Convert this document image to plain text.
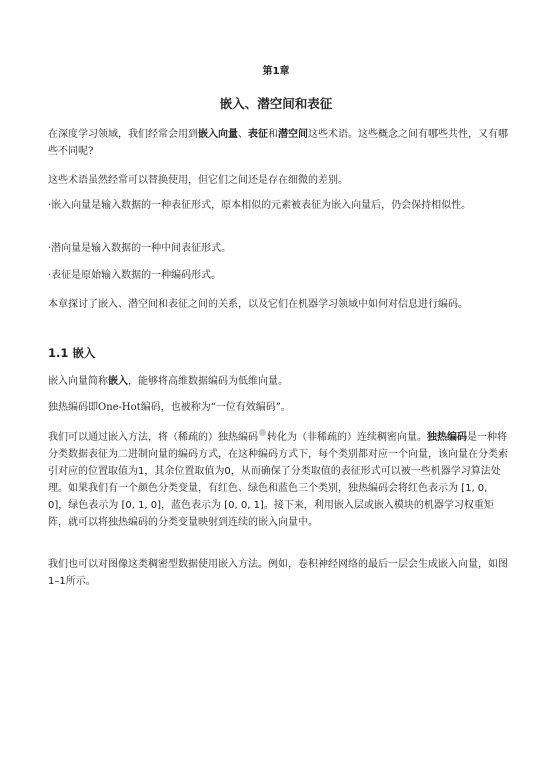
第1章
嵌入、潜空间和表征

在深度学习领域，我们经常会用到嵌入向量、表征和潜空间这些术语。这些概念之间有哪些共性，又有哪些不同呢?

这些术语虽然经常可以替换使用，但它们之间还是存在细微的差别。

·嵌入向量是输入数据的一种表征形式，原本相似的元素被表征为嵌入向量后，仍会保持相似性。

·潜向量是输入数据的一种中间表征形式。

·表征是原始输入数据的一种编码形式。

本章探讨了嵌入、潜空间和表征之间的关系，以及它们在机器学习领域中如何对信息进行编码。

1.1 嵌入

嵌入向量简称嵌入，能够将高维数据编码为低维向量。

独热编码即One-Hot编码，也被称为“一位有效编码”。

我们可以通过嵌入方法，将（稀疏的）独热编码 转化为（非稀疏的）连续稠密向量。独热编码是一种将分类数据表征为二进制向量的编码方式，在这种编码方式下，每个类别都对应一个向量，该向量在分类索引对应的位置取值为1，其余位置取值为0，从而确保了分类取值的表征形式可以被一些机器学习算法处理。如果我们有一个颜色分类变量，有红色、绿色和蓝色三个类别，独热编码会将红色表示为 [1, 0, 0]，绿色表示为 [0, 1, 0]，蓝色表示为 [0, 0, 1]。接下来，利用嵌入层或嵌入模块的机器学习权重矩阵，就可以将独热编码的分类变量映射到连续的嵌入向量中。

我们也可以对图像这类稠密型数据使用嵌入方法。例如，卷积神经网络的最后一层会生成嵌入向量，如图1–1所示。
